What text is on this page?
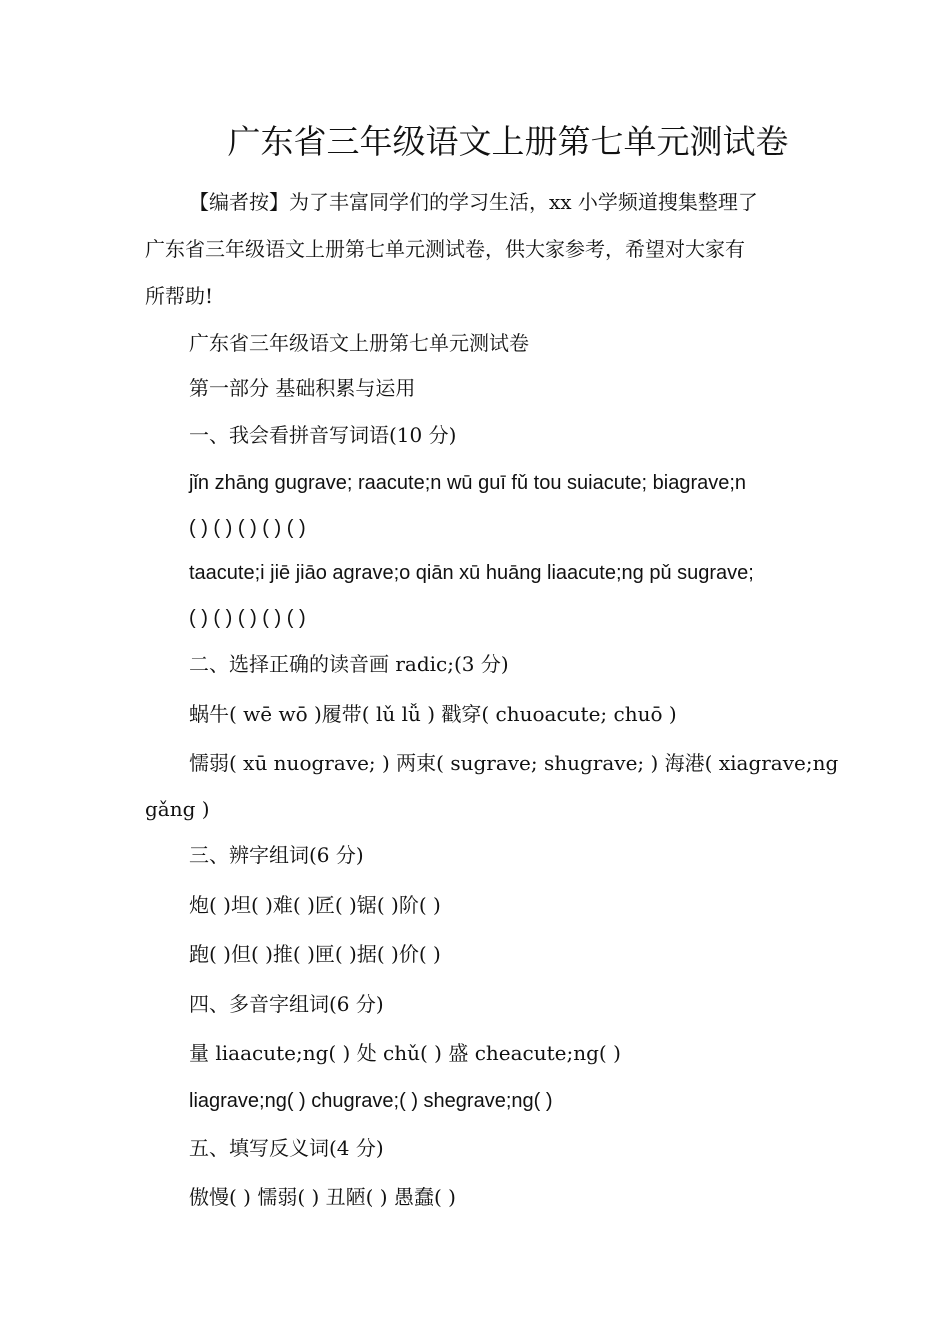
广东省三年级语文上册第七单元测试卷
【编者按】为了丰富同学们的学习生活，xx 小学频道搜集整理了
广东省三年级语文上册第七单元测试卷，供大家参考，希望对大家有
所帮助!
广东省三年级语文上册第七单元测试卷
第一部分 基础积累与运用
一、我会看拼音写词语(10 分)
jǐn zhāng gugrave; raacute;n wū guī fǔ tou suiacute; biagrave;n
( ) ( ) ( ) ( ) ( )
taacute;i jiē jiāo agrave;o qiān xū huāng liaacute;ng pǔ sugrave;
( ) ( ) ( ) ( ) ( )
二、选择正确的读音画 radic;(3 分)
蜗牛( wē wō )履带( lǔ lǚ ) 戳穿( chuoacute; chuō )
懦弱( xū nuograve; ) 两束( sugrave; shugrave; ) 海港( xiagrave;ng
gǎng )
三、辨字组词(6 分)
炮( )坦( )难( )匠( )锯( )阶( )
跑( )但( )推( )匣( )据( )价( )
四、多音字组词(6 分)
量 liaacute;ng( ) 处 chǔ( ) 盛 cheacute;ng( )
liagrave;ng( ) chugrave;( ) shegrave;ng( )
五、填写反义词(4 分)
傲慢( ) 懦弱( ) 丑陋( ) 愚蠢( )
